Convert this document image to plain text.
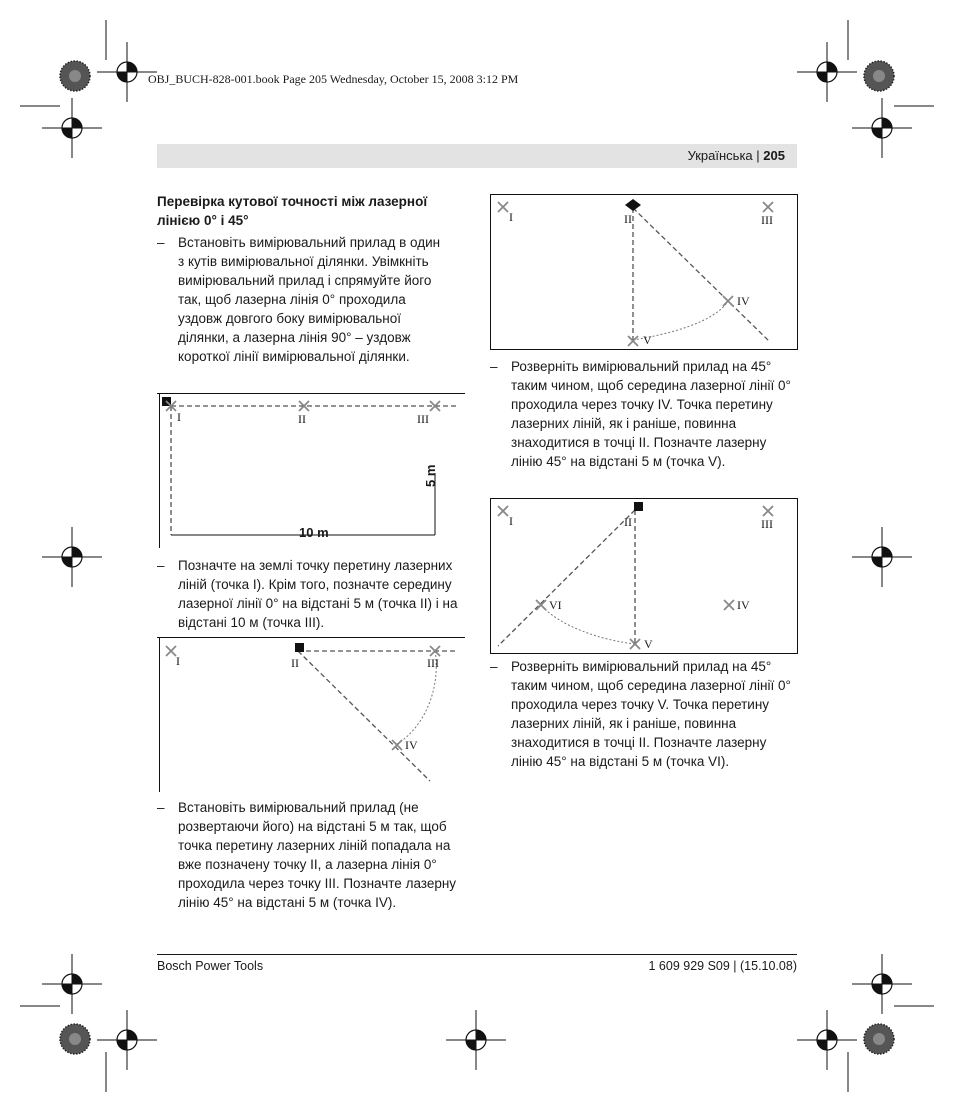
OBJ_BUCH-828-001.book Page 205 Wednesday, October 15, 2008 3:12 PM
Українська | 205

Перевірка кутової точності між лазерної лінією 0° і 45°

– Встановіть вимірювальний прилад в один з кутів вимірювальної ділянки. Увімкніть вимірювальний прилад і спрямуйте його так, щоб лазерна лінія 0° проходила уздовж довгого боку вимірювальної ділянки, а лазерна лінія 90° – уздовж короткої лінії вимірювальної ділянки.
– Позначте на землі точку перетину лазерних ліній (точка I). Крім того, позначте середину лазерної лінії 0° на відстані 5 м (точка II) і на відстані 10 м (точка III).
– Встановіть вимірювальний прилад (не розвертаючи його) на відстані 5 м так, щоб точка перетину лазерних ліній попадала на вже позначену точку II, а лазерна лінія 0° проходила через точку III. Позначте лазерну лінію 45° на відстані 5 м (точка IV).
I	II	III
5 m
10 m
I	II	III
IV
– Розверніть вимірювальний прилад на 45° таким чином, щоб середина лазерної лінії 0° проходила через точку IV. Точка перетину лазерних ліній, як і раніше, повинна знаходитися в точці II. Позначте лазерну лінію 45° на відстані 5 м (точка V).
– Розверніть вимірювальний прилад на 45° таким чином, щоб середина лазерної лінії 0° проходила через точку V. Точка перетину лазерних ліній, як і раніше, повинна знаходитися в точці II. Позначте лазерну лінію 45° на відстані 5 м (точка VI).
I	II	III
IV
V
I	II	III
IV
V
VI
Bosch Power Tools	1 609 929 S09 | (15.10.08)
